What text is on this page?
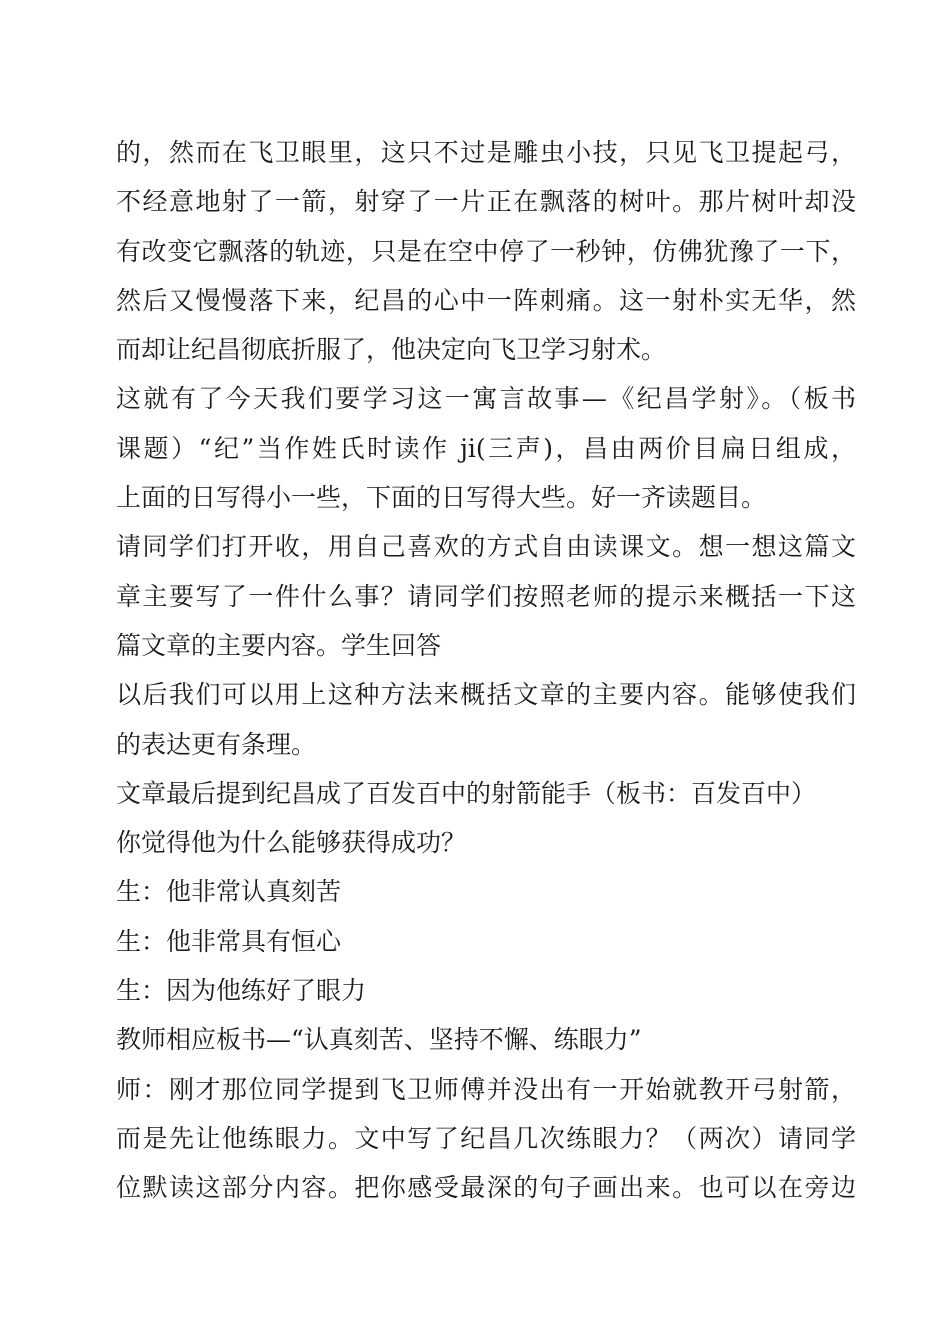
的，然而在飞卫眼里，这只不过是雕虫小技，只见飞卫提起弓，
不经意地射了一箭，射穿了一片正在飘落的树叶。那片树叶却没
有改变它飘落的轨迹，只是在空中停了一秒钟，仿佛犹豫了一下，
然后又慢慢落下来，纪昌的心中一阵刺痛。这一射朴实无华，然
而却让纪昌彻底折服了，他决定向飞卫学习射术。
这就有了今天我们要学习这一寓言故事—《纪昌学射》。（板书
课题）“纪”当作姓氏时读作 ji(三声)，昌由两价目扁日组成，
上面的日写得小一些，下面的日写得大些。好一齐读题目。
请同学们打开收，用自己喜欢的方式自由读课文。想一想这篇文
章主要写了一件什么事？请同学们按照老师的提示来概括一下这
篇文章的主要内容。学生回答
以后我们可以用上这种方法来概括文章的主要内容。能够使我们
的表达更有条理。
文章最后提到纪昌成了百发百中的射箭能手（板书：百发百中）
你觉得他为什么能够获得成功？
生：他非常认真刻苦
生：他非常具有恒心
生：因为他练好了眼力
教师相应板书—“认真刻苦、坚持不懈、练眼力”
师：刚才那位同学提到飞卫师傅并没出有一开始就教开弓射箭，
而是先让他练眼力。文中写了纪昌几次练眼力？（两次）请同学
位默读这部分内容。把你感受最深的句子画出来。也可以在旁边
